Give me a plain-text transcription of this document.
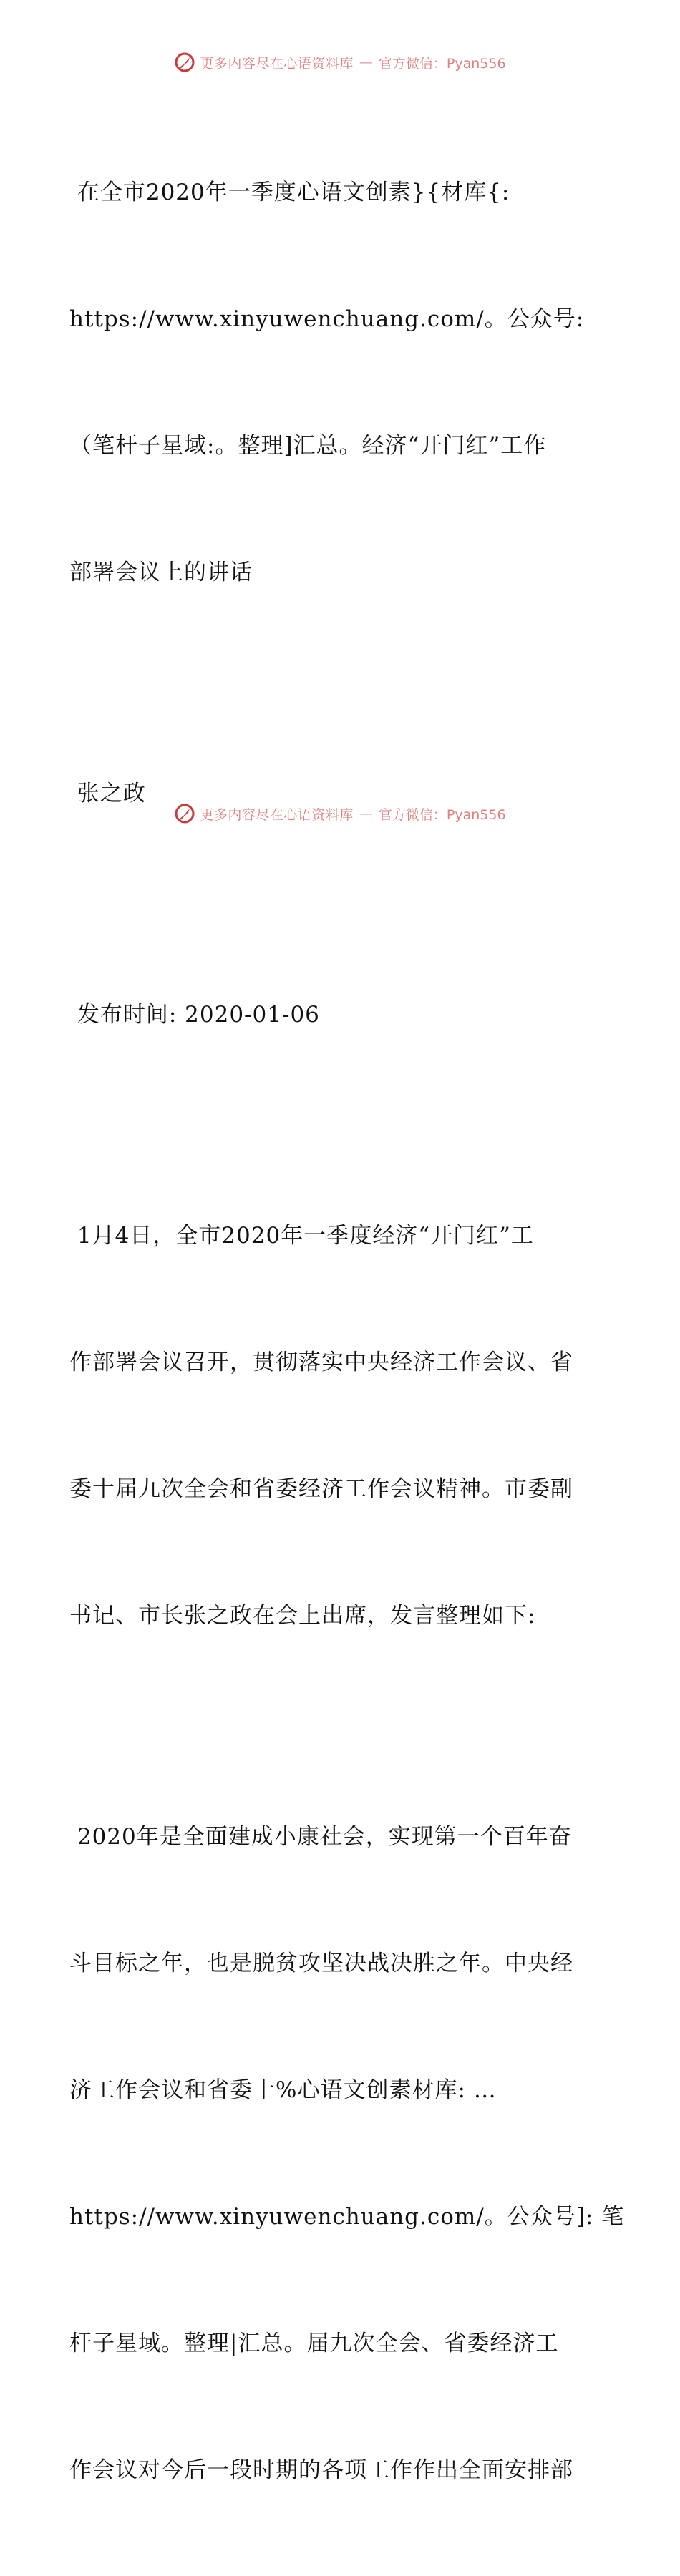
更多内容尽在心语资料库 — 官方微信：Pyan556

在全市2020年一季度心语文创素}{材库{:

https://www.xinyuwenchuang.com/。公众号:

（笔杆子星域:。整理]汇总。经济“开门红”工作

部署会议上的讲话

张之政

发布时间: 2020-01-06

1月4日，全市2020年一季度经济“开门红”工

作部署会议召开，贯彻落实中央经济工作会议、省

委十届九次全会和省委经济工作会议精神。市委副

书记、市长张之政在会上出席，发言整理如下:

2020年是全面建成小康社会，实现第一个百年奋

斗目标之年，也是脱贫攻坚决战决胜之年。中央经

济工作会议和省委十%心语文创素材库: …

https://www.xinyuwenchuang.com/。公众号]: 笔

杆子星域。整理|汇总。届九次全会、省委经济工

作会议对今后一段时期的各项工作作出全面安排部

更多内容尽在心语资料库 — 官方微信：Pyan556
